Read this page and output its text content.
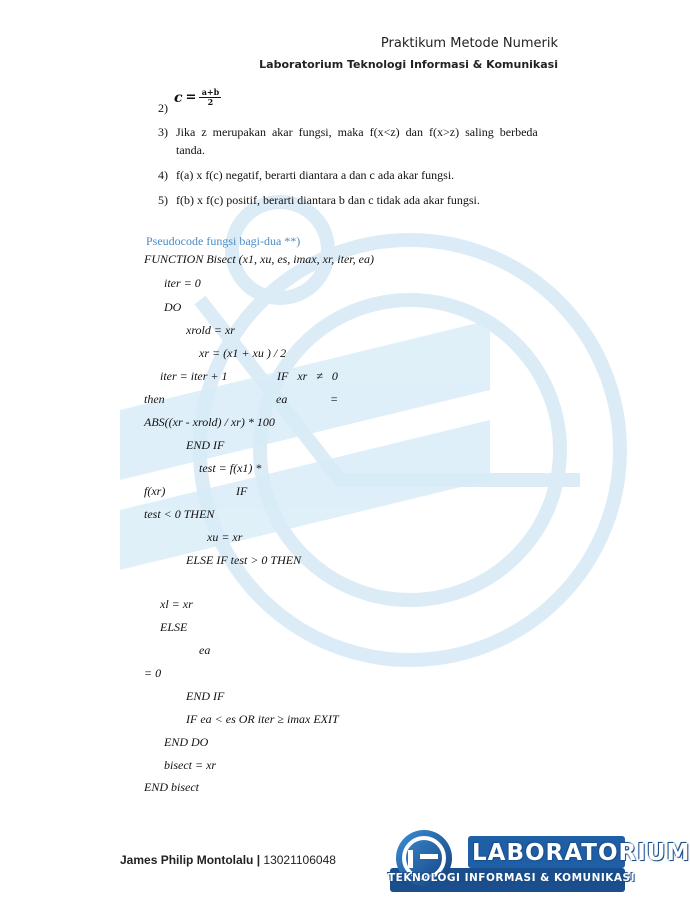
Praktikum Metode Numerik
Laboratorium Teknologi Informasi & Komunikasi
2)
$c = \frac{a+b}{2}$
3) Jika  z  merupakan  akar  fungsi,  maka  f(x<z)  dan  f(x>z)  saling  berbeda
tanda.
4) f(a) x f(c) negatif, berarti diantara a dan c ada akar fungsi.
5) f(b) x f(c) positif, berarti diantara b dan c tidak ada akar fungsi.
Pseudocode fungsi bagi-dua **)
FUNCTION Bisect (x1, xu, es, imax, xr, iter, ea)
iter = 0
DO
xrold = xr
xr = (x1 + xu ) / 2
iter = iter + 1	IF   xr   ≠   0
then	ea	=
ABS((xr - xrold) / xr) * 100
END IF
test = f(x1) *
f(xr)	IF
test < 0 THEN
xu = xr
ELSE IF test > 0 THEN
xl = xr
ELSE
ea
= 0
END IF
IF ea < es OR iter ≥ imax EXIT
END DO
bisect = xr
END bisect
James Philip Montolalu | 13021106048	LABORATORIUM
TEKNOLOGI INFORMASI & KOMUNIKASI
